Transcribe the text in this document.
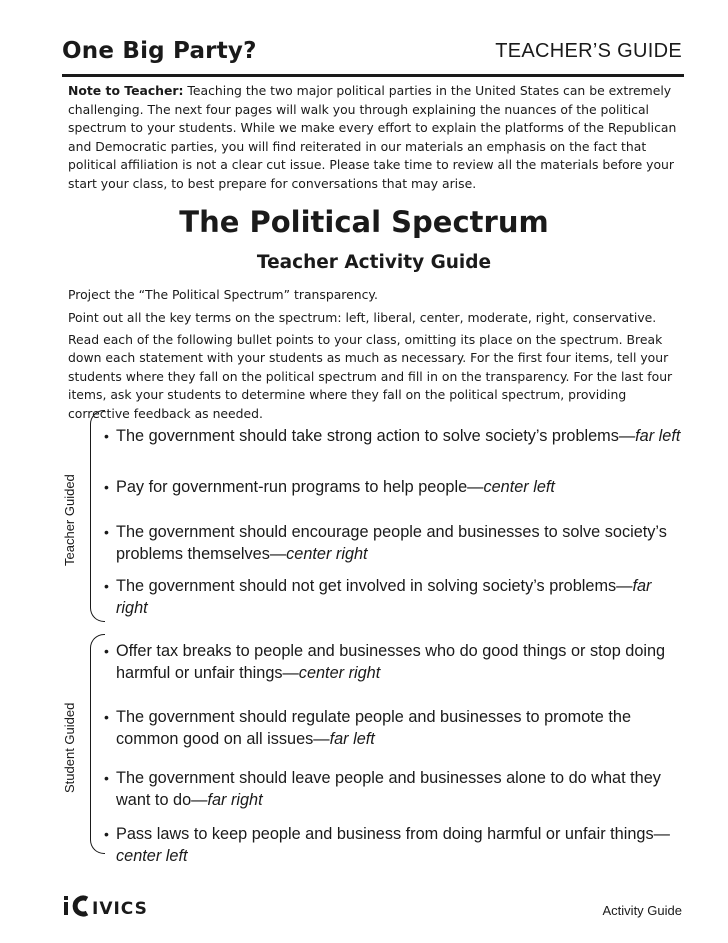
One Big Party?	TEACHER’S GUIDE
Note to Teacher: Teaching the two major political parties in the United States can be extremely challenging. The next four pages will walk you through explaining the nuances of the political spectrum to your students. While we make every effort to explain the platforms of the Republican and Democratic parties, you will find reiterated in our materials an emphasis on the fact that political affiliation is not a clear cut issue. Please take time to review all the materials before your start your class, to best prepare for conversations that may arise.
The Political Spectrum
Teacher Activity Guide
Project the “The Political Spectrum” transparency.
Point out all the key terms on the spectrum: left, liberal, center, moderate, right, conservative.
Read each of the following bullet points to your class, omitting its place on the spectrum. Break down each statement with your students as much as necessary. For the first four items, tell your students where they fall on the political spectrum and fill in on the transparency. For the last four items, ask your students to determine where they fall on the political spectrum, providing corrective feedback as needed.
Teacher Guided
• The government should take strong action to solve society’s problems—far left
• Pay for government-run programs to help people—center left
• The government should encourage people and businesses to solve society’s problems themselves—center right
• The government should not get involved in solving society’s problems—far right
Student Guided
• Offer tax breaks to people and businesses who do good things or stop doing harmful or unfair things—center right
• The government should regulate people and businesses to promote the common good on all issues—far left
• The government should leave people and businesses alone to do what they want to do—far right
• Pass laws to keep people and business from doing harmful or unfair things—center left
IVICS	Activity Guide
